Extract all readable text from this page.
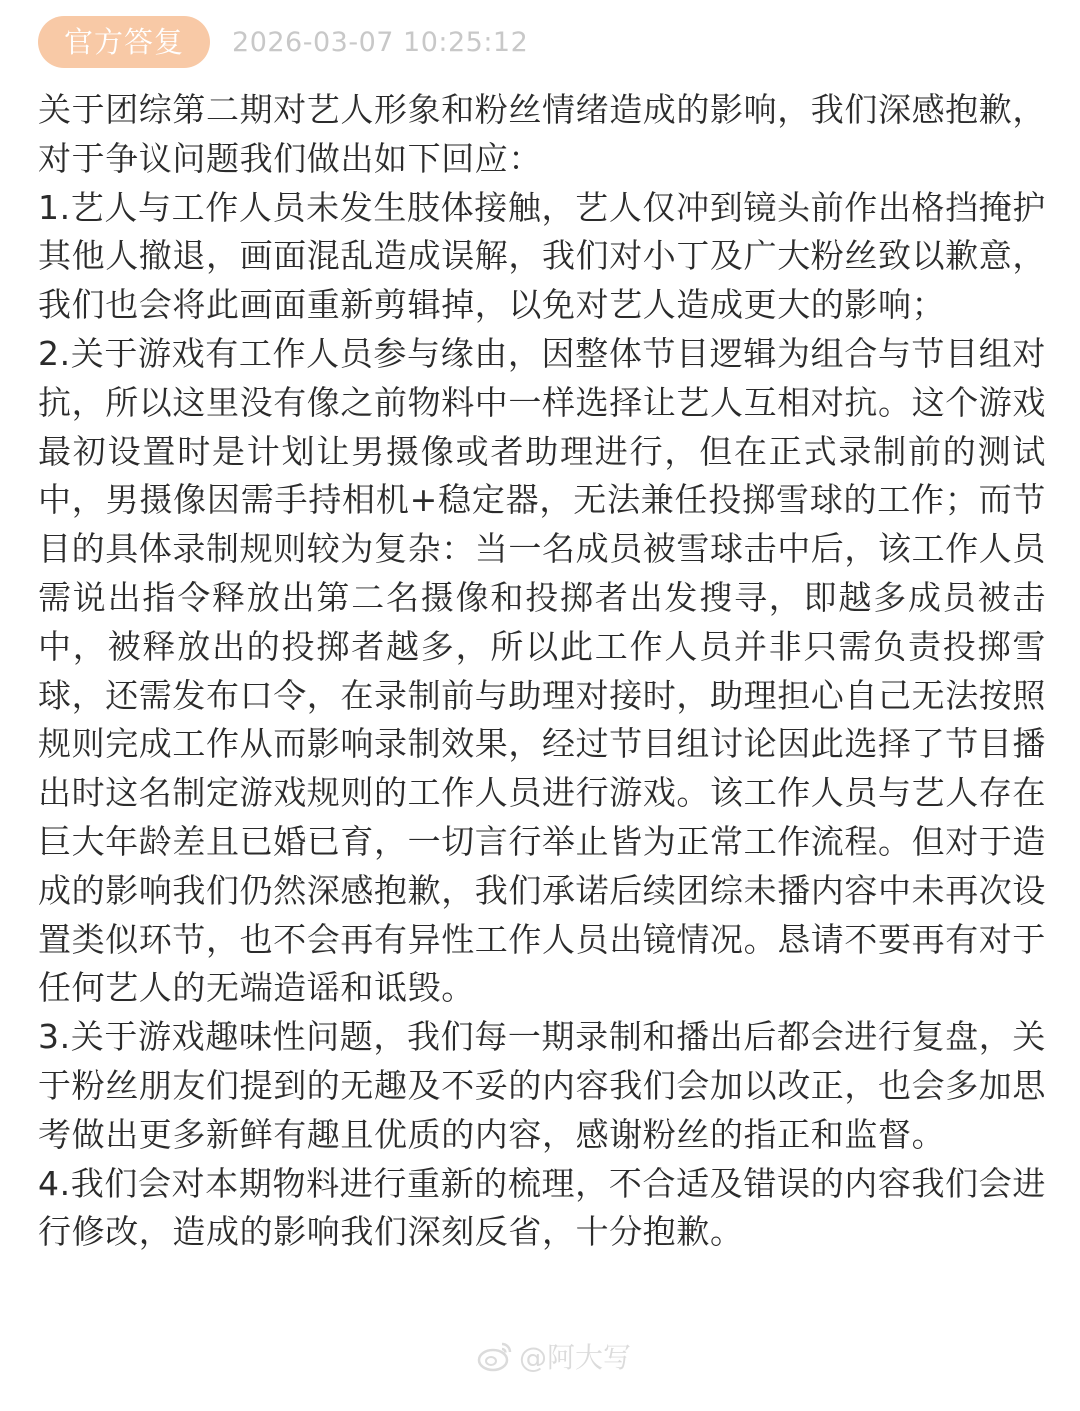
官方答复	2026-03-07 10:25:12

关于团综第二期对艺人形象和粉丝情绪造成的影响，我们深感抱歉，对于争议问题我们做出如下回应：

1.艺人与工作人员未发生肢体接触，艺人仅冲到镜头前作出格挡掩护其他人撤退，画面混乱造成误解，我们对小丁及广大粉丝致以歉意，我们也会将此画面重新剪辑掉，以免对艺人造成更大的影响；

2.关于游戏有工作人员参与缘由，因整体节目逻辑为组合与节目组对抗，所以这里没有像之前物料中一样选择让艺人互相对抗。这个游戏最初设置时是计划让男摄像或者助理进行，但在正式录制前的测试中，男摄像因需手持相机+稳定器，无法兼任投掷雪球的工作；而节目的具体录制规则较为复杂：当一名成员被雪球击中后，该工作人员需说出指令释放出第二名摄像和投掷者出发搜寻，即越多成员被击中，被释放出的投掷者越多，所以此工作人员并非只需负责投掷雪球，还需发布口令，在录制前与助理对接时，助理担心自己无法按照规则完成工作从而影响录制效果，经过节目组讨论因此选择了节目播出时这名制定游戏规则的工作人员进行游戏。该工作人员与艺人存在巨大年龄差且已婚已育，一切言行举止皆为正常工作流程。但对于造成的影响我们仍然深感抱歉，我们承诺后续团综未播内容中未再次设置类似环节，也不会再有异性工作人员出镜情况。恳请不要再有对于任何艺人的无端造谣和诋毁。

3.关于游戏趣味性问题，我们每一期录制和播出后都会进行复盘，关于粉丝朋友们提到的无趣及不妥的内容我们会加以改正，也会多加思考做出更多新鲜有趣且优质的内容，感谢粉丝的指正和监督。

4.我们会对本期物料进行重新的梳理，不合适及错误的内容我们会进行修改，造成的影响我们深刻反省，十分抱歉。

@阿大写
